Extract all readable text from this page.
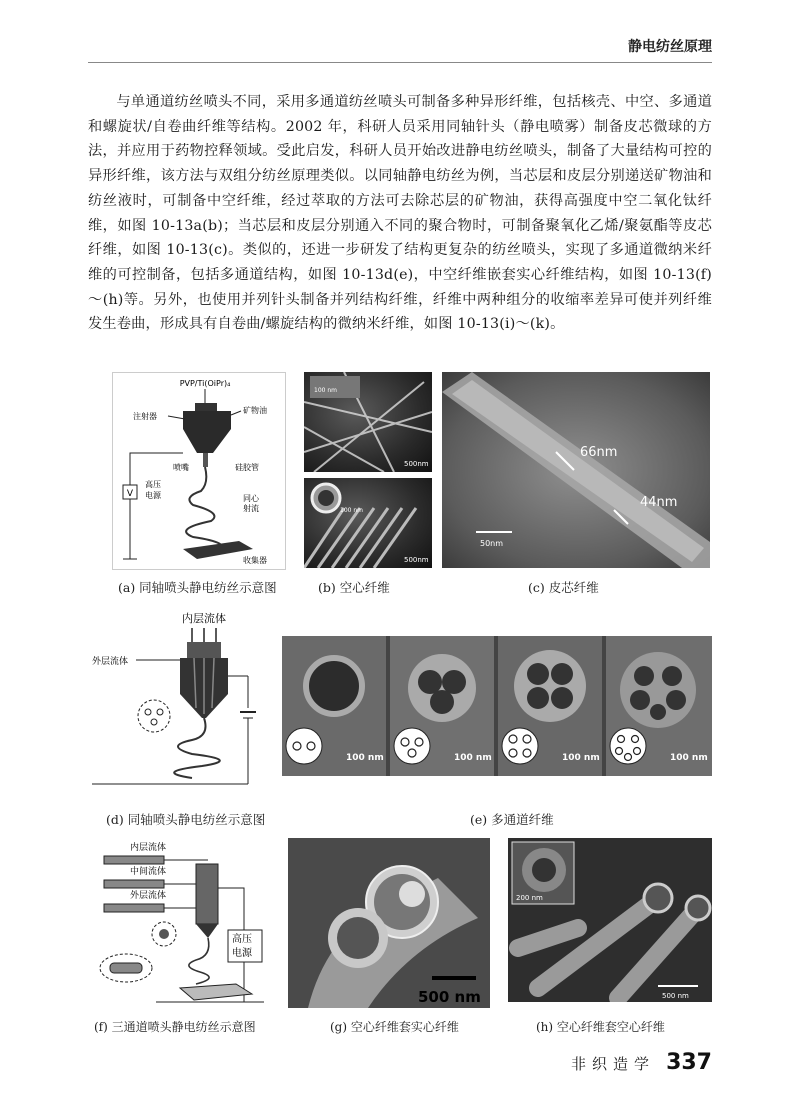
静电纺丝原理

与单通道纺丝喷头不同，采用多通道纺丝喷头可制备多种异形纤维，包括核壳、中空、多通道和螺旋状/自卷曲纤维等结构。2002 年，科研人员采用同轴针头（静电喷雾）制备皮芯微球的方法，并应用于药物控释领域。受此启发，科研人员开始改进静电纺丝喷头，制备了大量结构可控的异形纤维，该方法与双组分纺丝原理类似。以同轴静电纺丝为例，当芯层和皮层分别递送矿物油和纺丝液时，可制备中空纤维，经过萃取的方法可去除芯层的矿物油，获得高强度中空二氧化钛纤维，如图 10-13a(b)；当芯层和皮层分别通入不同的聚合物时，可制备聚氧化乙烯/聚氨酯等皮芯纤维，如图 10-13(c)。类似的，还进一步研发了结构更复杂的纺丝喷头，实现了多通道微纳米纤维的可控制备，包括多通道结构，如图 10-13d(e)，中空纤维嵌套实心纤维结构，如图 10-13(f)～(h)等。另外，也使用并列针头制备并列结构纤维，纤维中两种组分的收缩率差异可使并列纤维发生卷曲，形成具有自卷曲/螺旋结构的微纳米纤维，如图 10-13(i)～(k)。

PVP/Ti(OiPr)₄
注射器
矿物油
喷嘴	硅胶管
同心
射流
V
高压
电源
收集器
(a) 同轴喷头静电纺丝示意图
100 nm
500nm
100 nm
500nm
(b) 空心纤维
66nm
44nm
50nm
(c) 皮芯纤维
内层流体
外层流体
(d) 同轴喷头静电纺丝示意图
100 nm	100 nm	100 nm	100 nm
(e) 多通道纤维
内层流体
中间流体
外层流体
高压
电源
(f) 三通道喷头静电纺丝示意图
500 nm
(g) 空心纤维套实心纤维
200 nm
500 nm
(h) 空心纤维套空心纤维
非织造学 337
